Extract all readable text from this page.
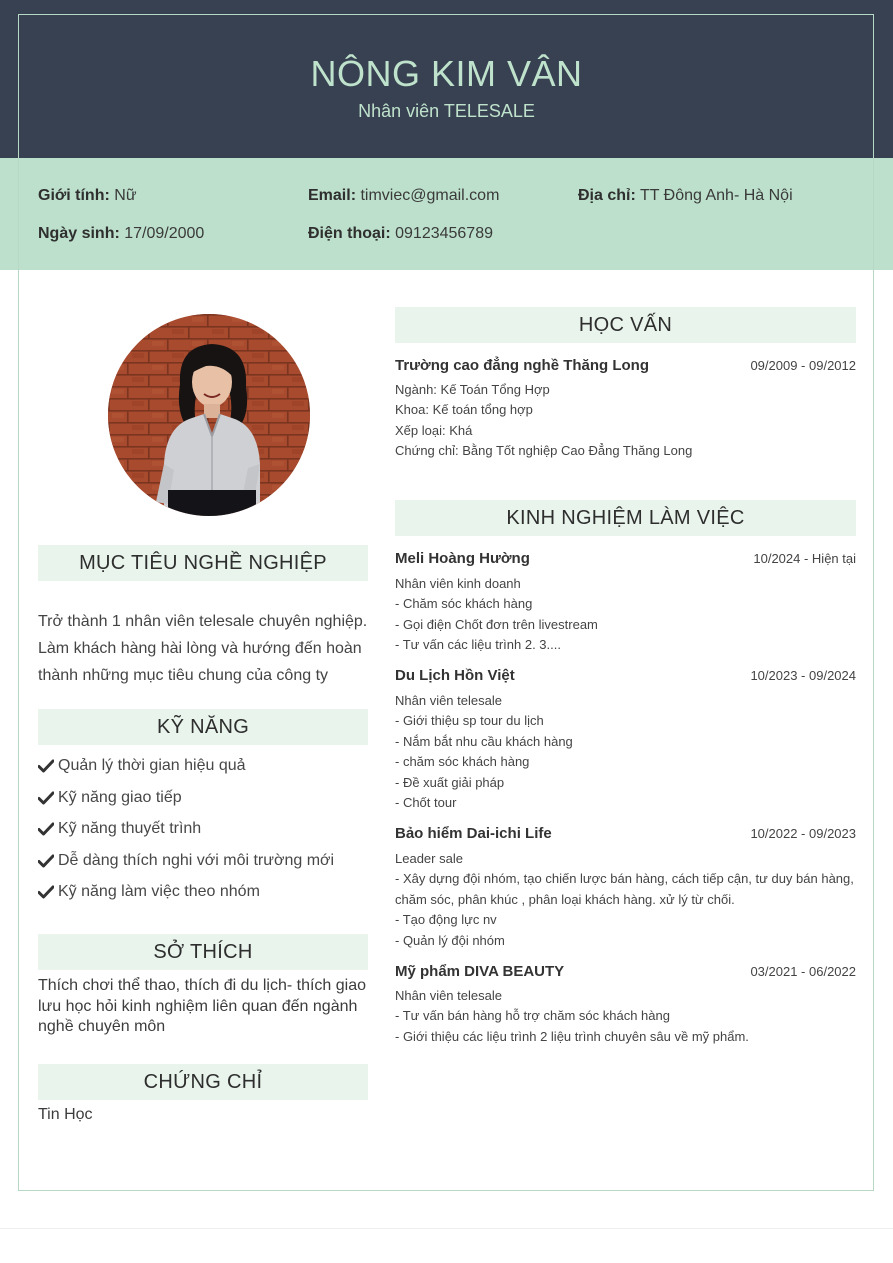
NÔNG KIM VÂN
Nhân viên TELESALE
Giới tính: Nữ	Email: timviec@gmail.com	Địa chỉ: TT Đông Anh- Hà Nội
Ngày sinh: 17/09/2000	Điện thoại: 09123456789
MỤC TIÊU NGHỀ NGHIỆP
Trở thành 1 nhân viên telesale chuyên nghiệp. Làm khách hàng hài lòng và hướng đến hoàn thành những mục tiêu chung của công ty
KỸ NĂNG
Quản lý thời gian hiệu quả
Kỹ năng giao tiếp
Kỹ năng thuyết trình
Dễ dàng thích nghi với môi trường mới
Kỹ năng làm việc theo nhóm
SỞ THÍCH
Thích chơi thể thao, thích đi du lịch- thích giao lưu học hỏi kinh nghiệm liên quan đến ngành nghề chuyên môn
CHỨNG CHỈ
Tin Học
HỌC VẤN
Trường cao đẳng nghề Thăng Long	09/2009 - 09/2012
Ngành: Kế Toán Tổng Hợp
Khoa: Kế toán tổng hợp
Xếp loại: Khá
Chứng chỉ: Bằng Tốt nghiệp Cao Đẳng Thăng Long
KINH NGHIỆM LÀM VIỆC
Meli Hoàng Hường	10/2024 - Hiện tại
Nhân viên kinh doanh
- Chăm sóc khách hàng
- Gọi điện Chốt đơn trên livestream
- Tư vấn các liệu trình 2. 3....
Du Lịch Hồn Việt	10/2023 - 09/2024
Nhân viên telesale
- Giới thiệu sp tour du lịch
- Nắm bắt nhu cầu khách hàng
- chăm sóc khách hàng
- Đề xuất giải pháp
- Chốt tour
Bảo hiểm Dai-ichi Life	10/2022 - 09/2023
Leader sale
- Xây dựng đội nhóm, tạo chiến lược bán hàng, cách tiếp cận, tư duy bán hàng, chăm sóc, phân khúc , phân loại khách hàng. xử lý từ chối.
- Tạo động lực nv
- Quản lý đội nhóm
Mỹ phẩm DIVA BEAUTY	03/2021 - 06/2022
Nhân viên telesale
- Tư vấn bán hàng hỗ trợ chăm sóc khách hàng
- Giới thiệu các liệu trình 2 liệu trình chuyên sâu về mỹ phẩm.
